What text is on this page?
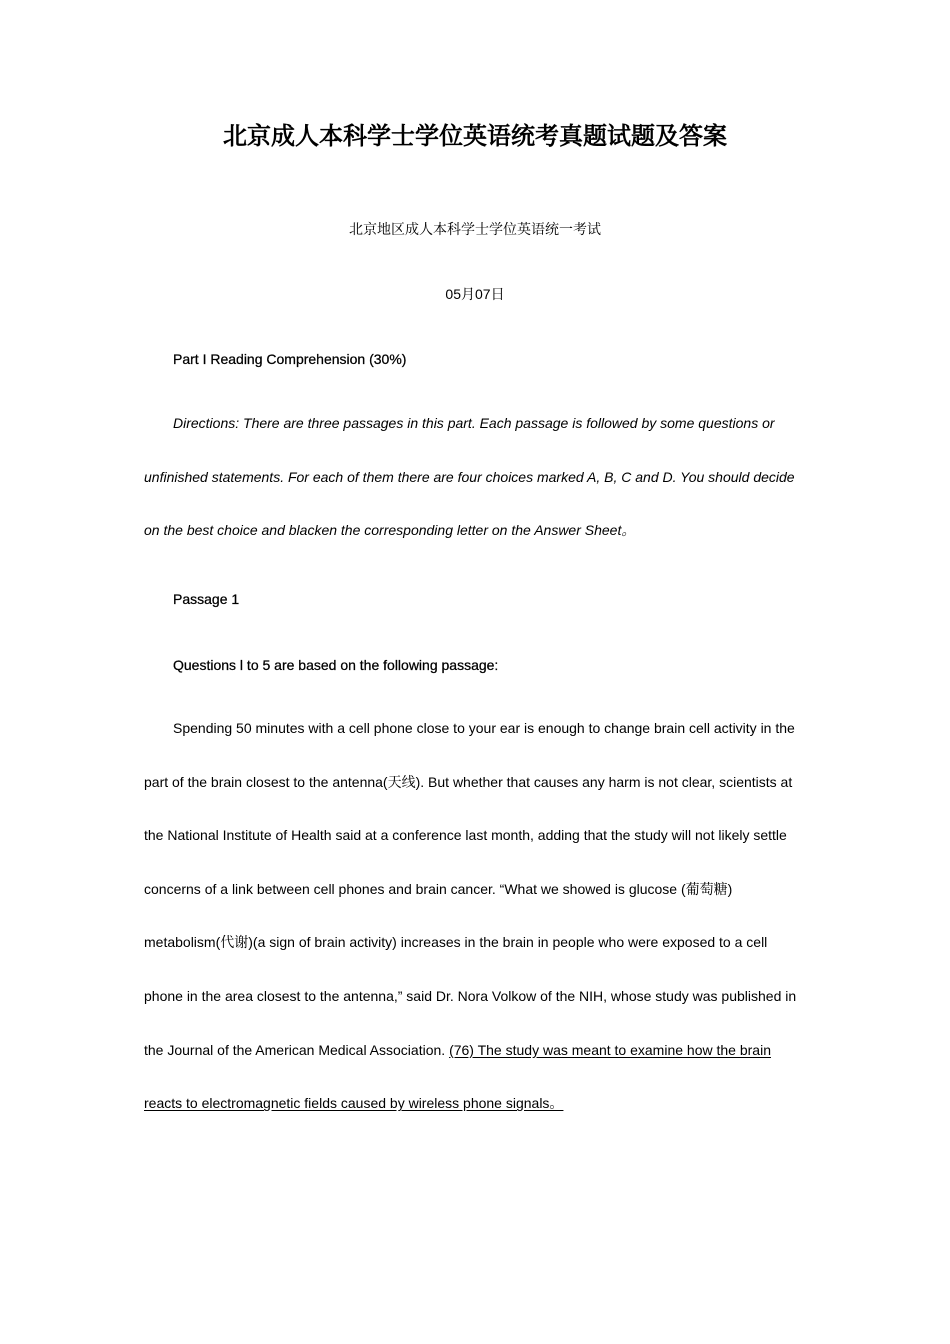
北京成人本科学士学位英语统考真题试题及答案

北京地区成人本科学士学位英语统一考试

05月07日

Part I Reading Comprehension (30%)

Directions: There are three passages in this part. Each passage is followed by some questions or unfinished statements. For each of them there are four choices marked A, B, C and D. You should decide on the best choice and blacken the corresponding letter on the Answer Sheet。

Passage 1

Questions l to 5 are based on the following passage:

Spending 50 minutes with a cell phone close to your ear is enough to change brain cell activity in the part of the brain closest to the antenna(天线). But whether that causes any harm is not clear, scientists at the National Institute of Health said at a conference last month, adding that the study will not likely settle concerns of a link between cell phones and brain cancer. “What we showed is glucose (葡萄糖) metabolism(代谢)(a sign of brain activity) increases in the brain in people who were exposed to a cell phone in the area closest to the antenna,” said Dr. Nora Volkow of the NIH, whose study was published in the Journal of the American Medical Association. (76) The study was meant to examine how the brain reacts to electromagnetic fields caused by wireless phone signals。
